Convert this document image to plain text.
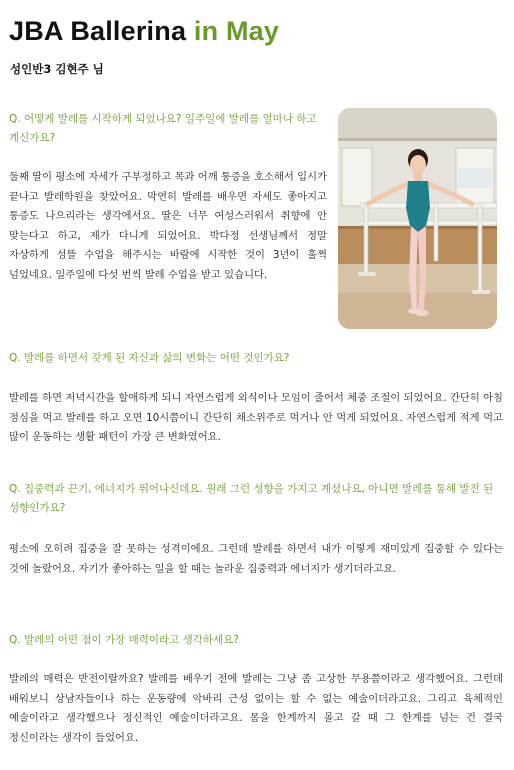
JBA Ballerina in May
성인반3 김현주 님
Q. 어떻게 발레를 시작하게 되었나요? 일주일에 발레를 얼마나 하고 계신가요?
둘째 딸이 평소에 자세가 구부정하고 목과 어깨 통증을 호소해서 입시가 끝나고 발레학원을 찾았어요. 막연히 발레를 배우면 자세도 좋아지고 통증도 나으리라는 생각에서요. 딸은 너무 여성스러워서 취향에 안 맞는다고 하고, 제가 다니게 되었어요. 박다정 선생님께서 정말 자상하게 섬뜰 수업을 해주시는 바람에 시작한 것이 3년이 훌쩍 넘었네요. 일주일에 다섯 번씩 발레 수업을 받고 있습니다.
Q. 발레를 하면서 갖게 된 자신과 삶의 변화는 어떤 것인가요?
발레를 하면 저녁시간을 할애하게 되니 자연스럽게 외식이나 모임이 줄어서 체중 조절이 되었어요. 간단히 아침 점심을 먹고 발레를 하고 오면 10시쯤이니 간단히 채소위주로 먹거나 안 먹게 되었어요. 자연스럽게 적게 먹고 많이 운동하는 생활 패턴이 가장 큰 변화였어요.
Q. 집중력과 끈기, 에너지가 뛰어나신데요. 원래 그런 성향을 가지고 계셨나요, 아니면 발레를 통해 발전 된 성향인가요?
평소에 오히려 집중을 잘 못하는 성격이에요. 그런데 발레를 하면서 내가 이렇게 재미있게 집중할 수 있다는 것에 놀랐어요. 자기가 좋아하는 일을 할 때는 놀라운 집중력과 에너지가 생기더라고요.
Q. 발레의 어떤 점이 가장 매력이라고 생각하세요?
발레의 매력은 반전이랄까요? 발레를 배우기 전에 발레는 그냥 좀 고상한 무용쯤이라고 생각했어요. 그런데 배워보니 상남자들이나 하는 운동량에 악바리 근성 없이는 할 수 없는 예술이더라고요. 그리고 육체적인 예술이라고 생각했으나 정신적인 예술이더라고요. 몸을 한계까지 몰고 갈 때 그 한계를 넘는 건 결국 정신이라는 생각이 들었어요.
